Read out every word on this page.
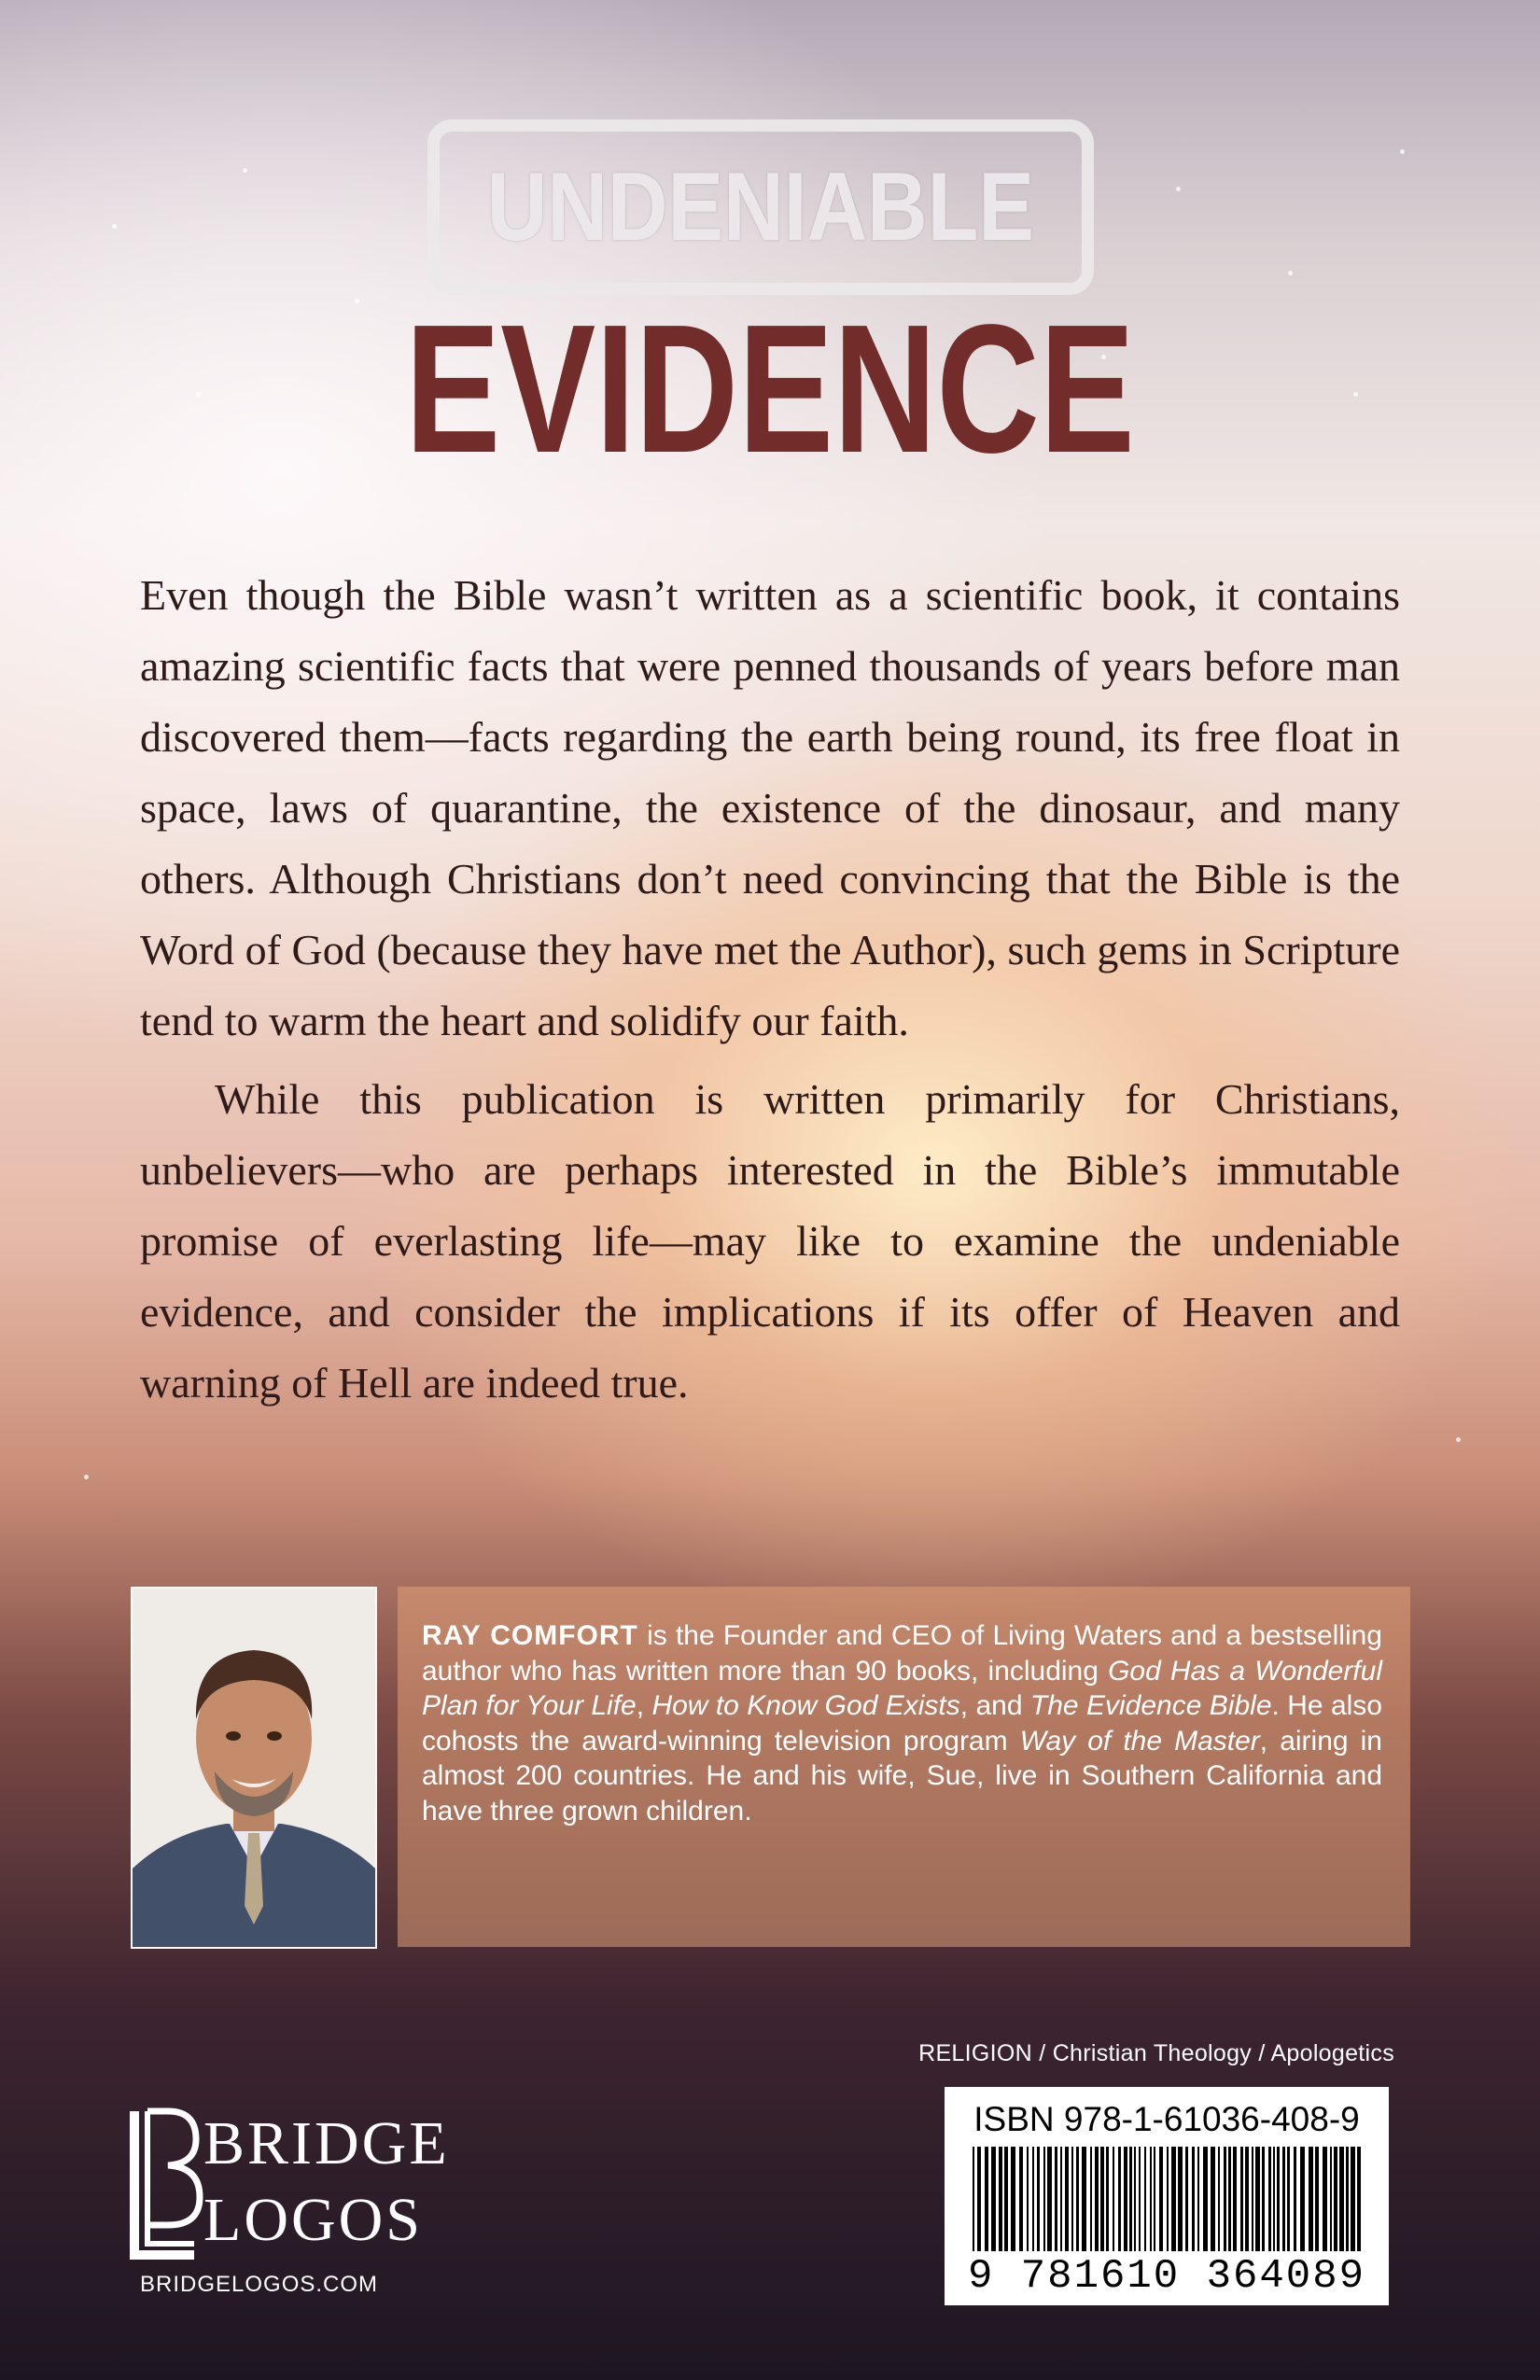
UNDENIABLE
EVIDENCE

Even though the Bible wasn’t written as a scientific book, it contains amazing scientific facts that were penned thousands of years before man discovered them—facts regarding the earth being round, its free float in space, laws of quarantine, the existence of the dinosaur, and many others. Although Christians don’t need convincing that the Bible is the Word of God (because they have met the Author), such gems in Scripture tend to warm the heart and solidify our faith.

While this publication is written primarily for Christians, unbelievers—who are perhaps interested in the Bible’s immutable promise of everlasting life—may like to examine the undeniable evidence, and consider the implications if its offer of Heaven and warning of Hell are indeed true.

RAY COMFORT is the Founder and CEO of Living Waters and a bestselling author who has written more than 90 books, including God Has a Wonderful Plan for Your Life, How to Know God Exists, and The Evidence Bible. He also cohosts the award-winning television program Way of the Master, airing in almost 200 countries. He and his wife, Sue, live in Southern California and have three grown children.
RELIGION / Christian Theology / Apologetics
ISBN 978-1-61036-408-9
9 781610 364089
BRIDGE
LOGOS
BRIDGELOGOS.COM
